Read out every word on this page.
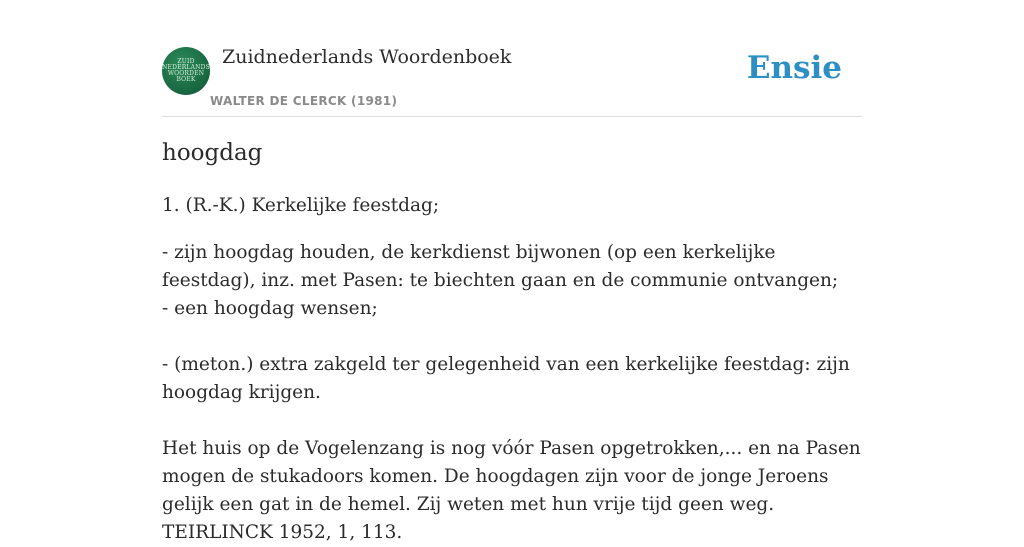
ZUID
NEDERLANDS
WOORDEN
BOEK
Zuidnederlands Woordenboek
WALTER DE CLERCK (1981)
Ensie
hoogdag

1. (R.-K.) Kerkelijke feestdag;

- zijn hoogdag houden, de kerkdienst bijwonen (op een kerkelijke feestdag), inz. met Pasen: te biechten gaan en de communie ontvangen;

- een hoogdag wensen;

- (meton.) extra zakgeld ter gelegenheid van een kerkelijke feestdag: zijn hoogdag krijgen.

Het huis op de Vogelenzang is nog vóór Pasen opgetrokken,... en na Pasen mogen de stukadoors komen. De hoogdagen zijn voor de jonge Jeroens gelijk een gat in de hemel. Zij weten met hun vrije tijd geen weg. TEIRLINCK 1952, 1, 113.
